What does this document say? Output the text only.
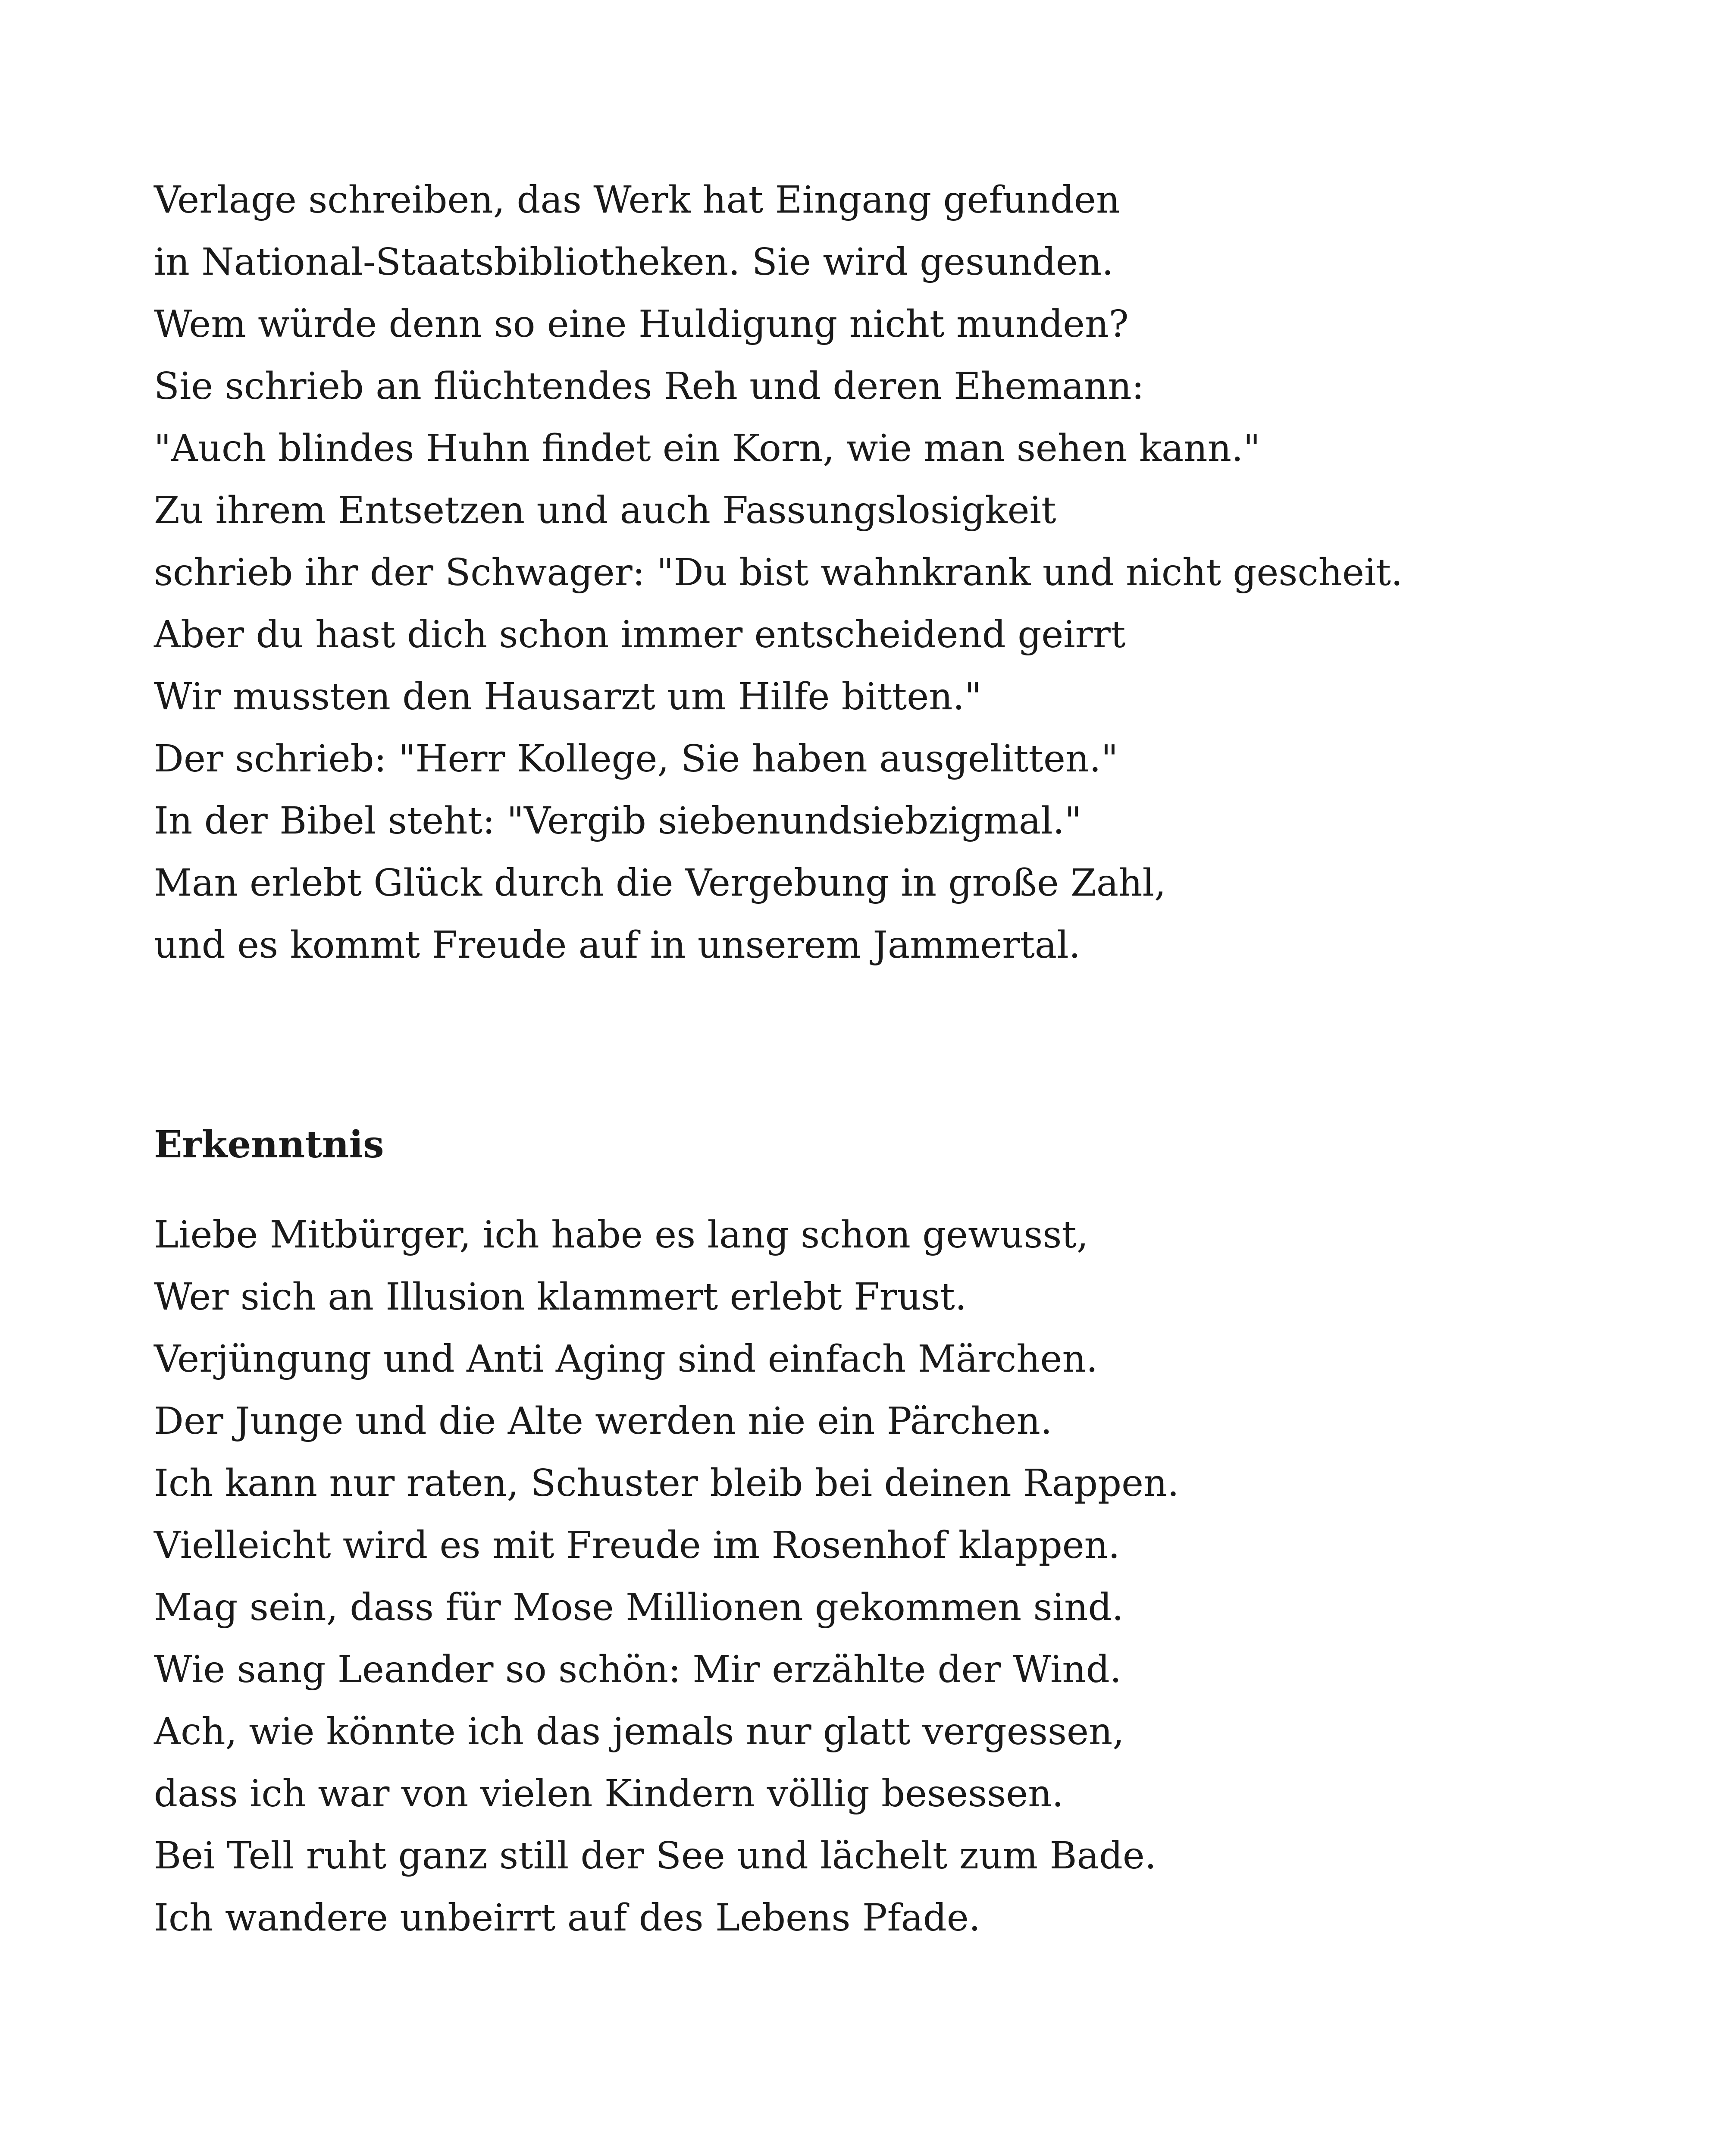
Verlage schreiben, das Werk hat Eingang gefunden
in National-Staatsbibliotheken. Sie wird gesunden.
Wem würde denn so eine Huldigung nicht munden?
Sie schrieb an flüchtendes Reh und deren Ehemann:
"Auch blindes Huhn findet ein Korn, wie man sehen kann."
Zu ihrem Entsetzen und auch Fassungslosigkeit
schrieb ihr der Schwager: "Du bist wahnkrank und nicht gescheit.
Aber du hast dich schon immer entscheidend geirrt
Wir mussten den Hausarzt um Hilfe bitten."
Der schrieb: "Herr Kollege, Sie haben ausgelitten."
In der Bibel steht: "Vergib siebenundsiebzigmal."
Man erlebt Glück durch die Vergebung in große Zahl,
und es kommt Freude auf in unserem Jammertal.
Erkenntnis
Liebe Mitbürger, ich habe es lang schon gewusst,
Wer sich an Illusion klammert erlebt Frust.
Verjüngung und Anti Aging sind einfach Märchen.
Der Junge und die Alte werden nie ein Pärchen.
Ich kann nur raten, Schuster bleib bei deinen Rappen.
Vielleicht wird es mit Freude im Rosenhof klappen.
Mag sein, dass für Mose Millionen gekommen sind.
Wie sang Leander so schön: Mir erzählte der Wind.
Ach, wie könnte ich das jemals nur glatt vergessen,
dass ich war von vielen Kindern völlig besessen.
Bei Tell ruht ganz still der See und lächelt zum Bade.
Ich wandere unbeirrt auf des Lebens Pfade.
